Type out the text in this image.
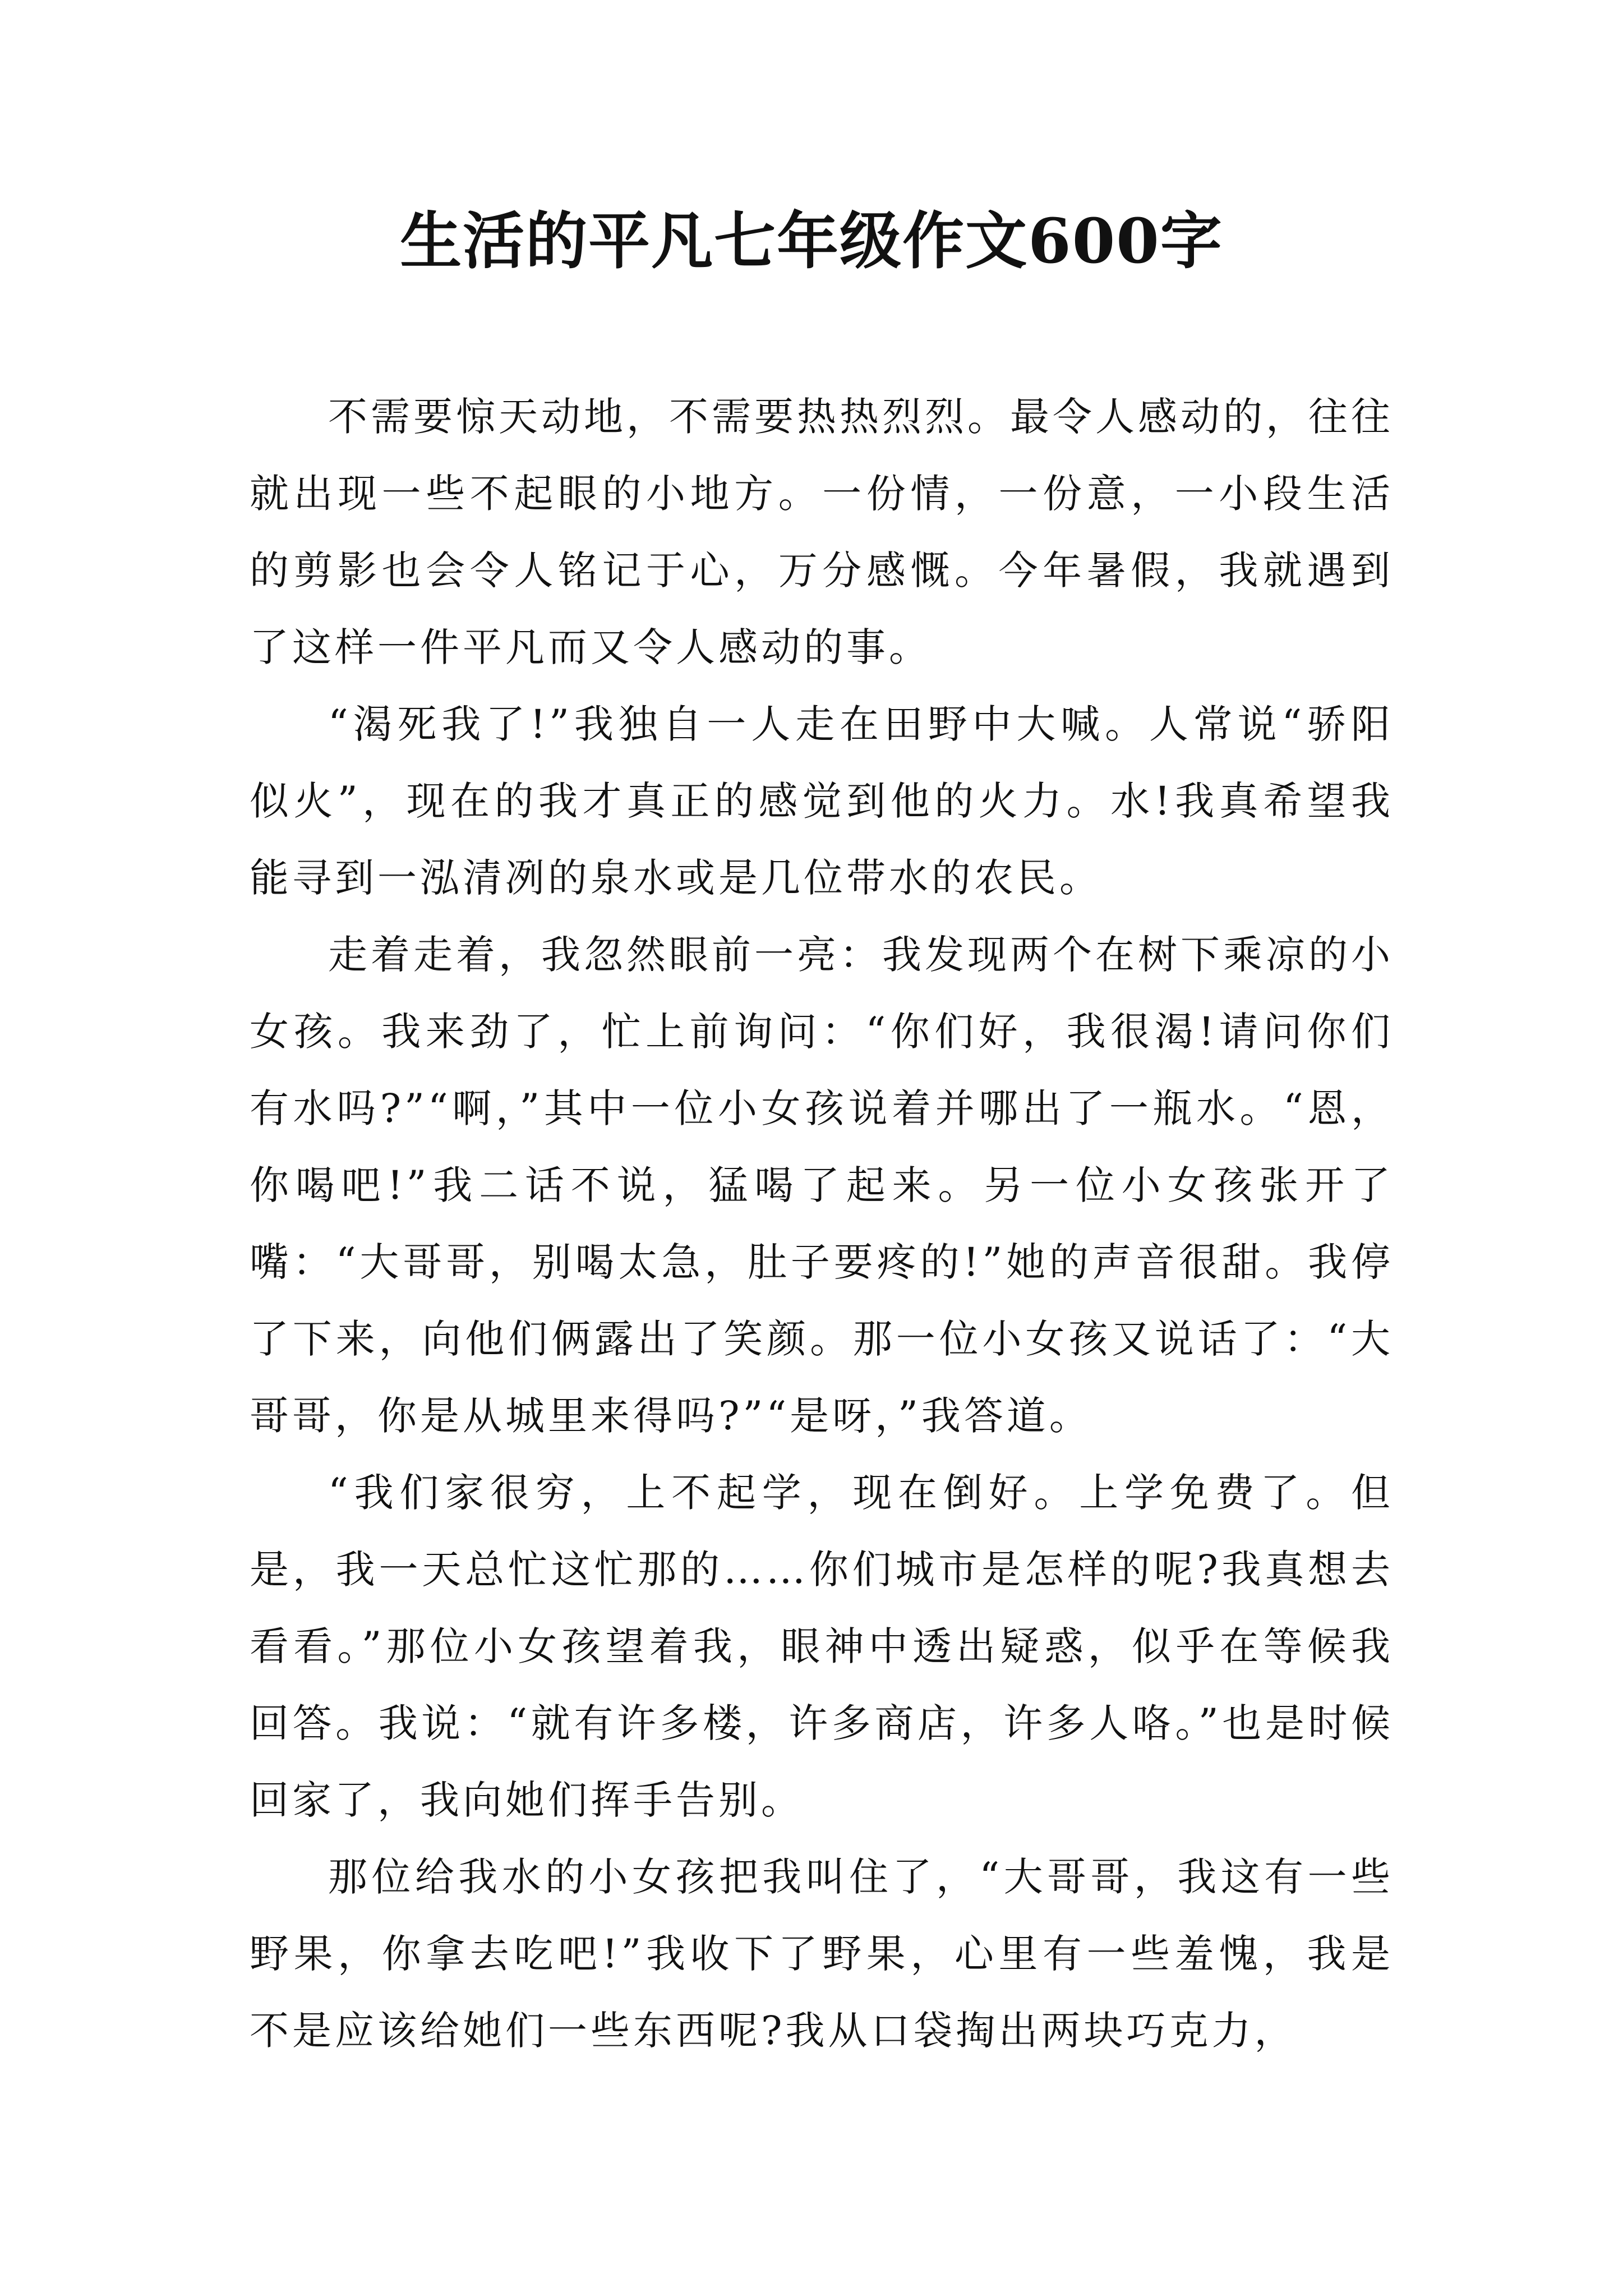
生活的平凡七年级作文600字

不需要惊天动地，不需要热热烈烈。最令人感动的，往往就出现一些不起眼的小地方。一份情，一份意，一小段生活的剪影也会令人铭记于心，万分感慨。今年暑假，我就遇到了这样一件平凡而又令人感动的事。

“渴死我了!”我独自一人走在田野中大喊。人常说“骄阳似火”，现在的我才真正的感觉到他的火力。水!我真希望我能寻到一泓清冽的泉水或是几位带水的农民。

走着走着，我忽然眼前一亮：我发现两个在树下乘凉的小女孩。我来劲了，忙上前询问：“你们好，我很渴!请问你们有水吗?”“啊，”其中一位小女孩说着并哪出了一瓶水。“恩，你喝吧!”我二话不说，猛喝了起来。另一位小女孩张开了嘴：“大哥哥，别喝太急，肚子要疼的!”她的声音很甜。我停了下来，向他们俩露出了笑颜。那一位小女孩又说话了：“大哥哥，你是从城里来得吗?”“是呀，”我答道。

“我们家很穷，上不起学，现在倒好。上学免费了。但是，我一天总忙这忙那的……你们城市是怎样的呢?我真想去看看。”那位小女孩望着我，眼神中透出疑惑，似乎在等候我回答。我说：“就有许多楼，许多商店，许多人咯。”也是时候回家了，我向她们挥手告别。

那位给我水的小女孩把我叫住了，“大哥哥，我这有一些野果，你拿去吃吧!”我收下了野果，心里有一些羞愧，我是不是应该给她们一些东西呢?我从口袋掏出两块巧克力，
